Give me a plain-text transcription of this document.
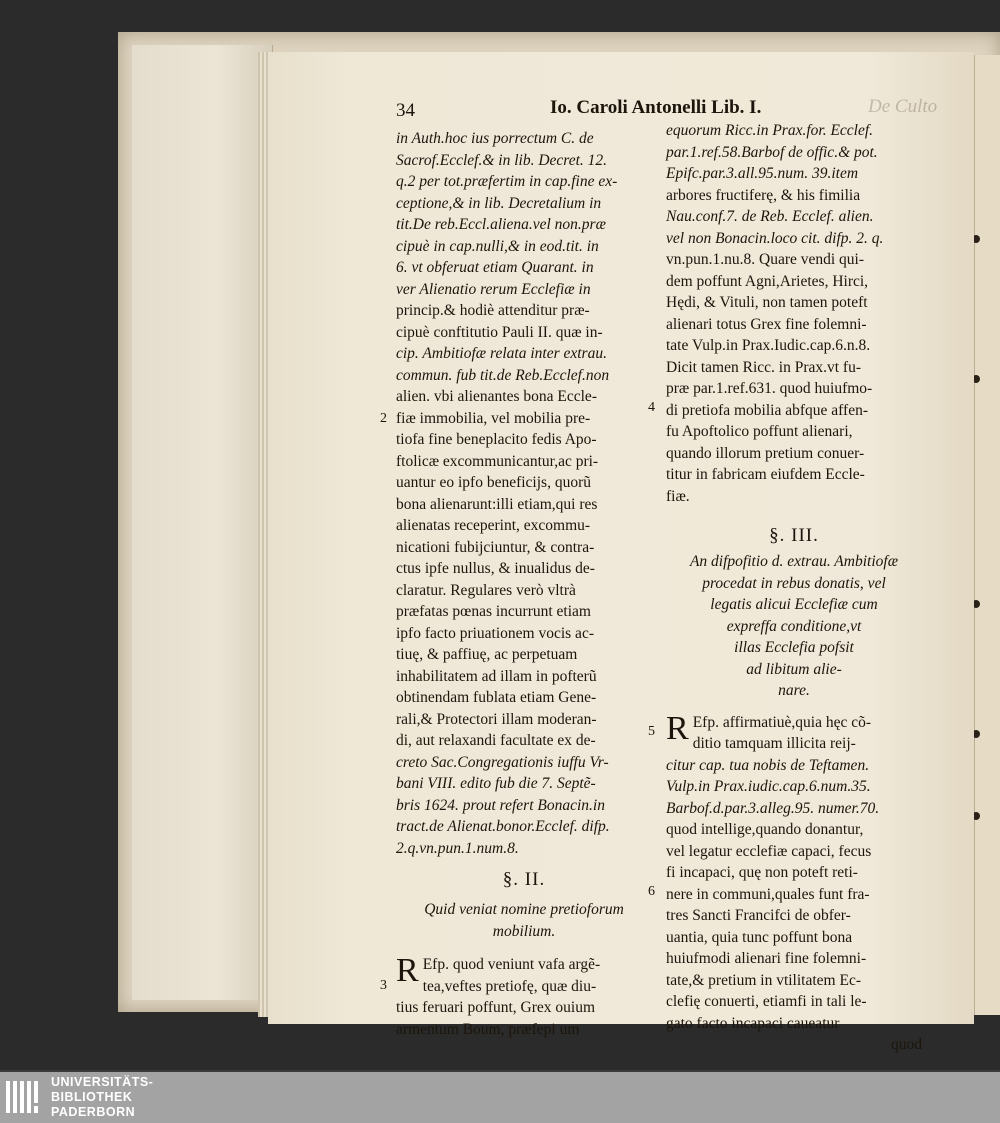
De Culto
34	Io. Caroli Antonelli Lib. I.
2
in Auth.hoc ius porrectum C. de
Sacrof.Ecclef.& in lib. Decret. 12.
q.2 per tot.præfertim in cap.fine ex-
ceptione,& in lib. Decretalium in
tit.De reb.Eccl.aliena.vel non.præ
cipuè in cap.nulli,& in eod.tit. in
6. vt obferuat etiam Quarant. in
ver Alienatio rerum Ecclefiæ in
princip.& hodiè attenditur præ-
cipuè conftitutio Pauli II. quæ in-
cip. Ambitiofæ relata inter extrau.
commun. fub tit.de Reb.Ecclef.non
alien. vbi alienantes bona Eccle-
fiæ immobilia, vel mobilia pre-
tiofa fine beneplacito fedis Apo-
ftolicæ excommunicantur,ac pri-
uantur eo ipfo beneficijs, quorũ
bona alienarunt:illi etiam,qui res
alienatas receperint, excommu-
nicationi fubijciuntur, & contra-
ctus ipfe nullus, & inualidus de-
claratur. Regulares verò vltrà
præfatas pœnas incurrunt etiam
ipfo facto priuationem vocis ac-
tiuę, & paffiuę, ac perpetuam
inhabilitatem ad illam in pofterũ
obtinendam fublata etiam Gene-
rali,& Protectori illam moderan-
di, aut relaxandi facultate ex de-
creto Sac.Congregationis iuffu Vr-
bani VIII. edito fub die 7. Septẽ-
bris 1624. prout refert Bonacin.in
tract.de Alienat.bonor.Ecclef. difp.
2.q.vn.pun.1.num.8.
§. II.
Quid veniat nomine pretioforum
mobilium.
3 R Efp. quod veniunt vafa argẽ-
tea,veftes pretiofę, quæ diu-
tius feruari poffunt, Grex ouium
armentum Boum, præfepi um
4
equorum Ricc.in Prax.for. Ecclef.
par.1.ref.58.Barbof de offic.& pot.
Epifc.par.3.all.95.num. 39.item
arbores fructiferę, & his fimilia
Nau.conf.7. de Reb. Ecclef. alien.
vel non Bonacin.loco cit. difp. 2. q.
vn.pun.1.nu.8. Quare vendi qui-
dem poffunt Agni,Arietes, Hirci,
Hędi, & Vituli, non tamen poteft
alienari totus Grex fine folemni-
tate Vulp.in Prax.Iudic.cap.6.n.8.
Dicit tamen Ricc. in Prax.vt fu-
præ par.1.ref.631. quod huiufmo-
di pretiofa mobilia abfque affen-
fu Apoftolico poffunt alienari,
quando illorum pretium conuer-
titur in fabricam eiufdem Eccle-
fiæ.
§. III.
An difpofitio d. extrau. Ambitiofæ
procedat in rebus donatis, vel
legatis alicui Ecclefiæ cum
expreffa conditione,vt
illas Ecclefia pofsit
ad libitum alie-
nare.
5
6
R Efp. affirmatiuè,quia hęc cõ-
ditio tamquam illicita reij-
citur cap. tua nobis de Teftamen.
Vulp.in Prax.iudic.cap.6.num.35.
Barbof.d.par.3.alleg.95. numer.70.
quod intellige,quando donantur,
vel legatur ecclefiæ capaci, fecus
fi incapaci, quę non poteft reti-
nere in communi,quales funt fra-
tres Sancti Francifci de obfer-
uantia, quia tunc poffunt bona
huiufmodi alienari fine folemni-
tate,& pretium in vtilitatem Ec-
clefię conuerti, etiamfi in tali le-
gato facto incapaci caueatur
quod
UNIVERSITÄTS-
BIBLIOTHEK
PADERBORN
